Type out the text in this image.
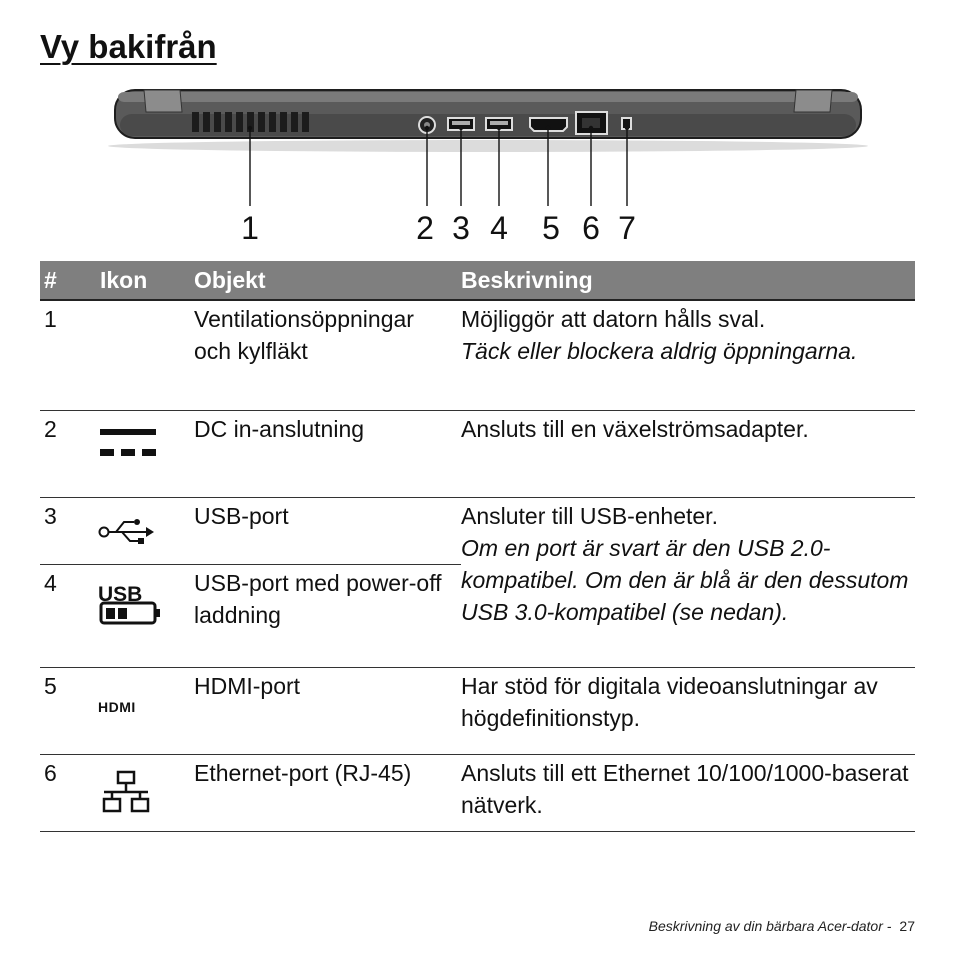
Vy bakifrån
1	2 3 4 5 6 7
#	Ikon	Objekt	Beskrivning
1		Ventilationsöppningar och kylfläkt	Möjliggör att datorn hålls sval.
Täck eller blockera aldrig öppningarna.

2		DC in-anslutning	Ansluts till en växelströmsadapter.

3		USB-port	Ansluter till USB-enheter.
Om en port är svart är den USB 2.0-kompatibel. Om den är blå är den dessutom USB 3.0-kompatibel (se nedan).

4	USB	USB-port med power-off laddning	
5	HDMI	HDMI-port	Har stöd för digitala videoanslutningar av högdefinitionstyp.

6		Ethernet-port (RJ-45)	Ansluts till ett Ethernet 10/100/1000-baserat nätverk.
Beskrivning av din bärbara Acer-dator - 27
